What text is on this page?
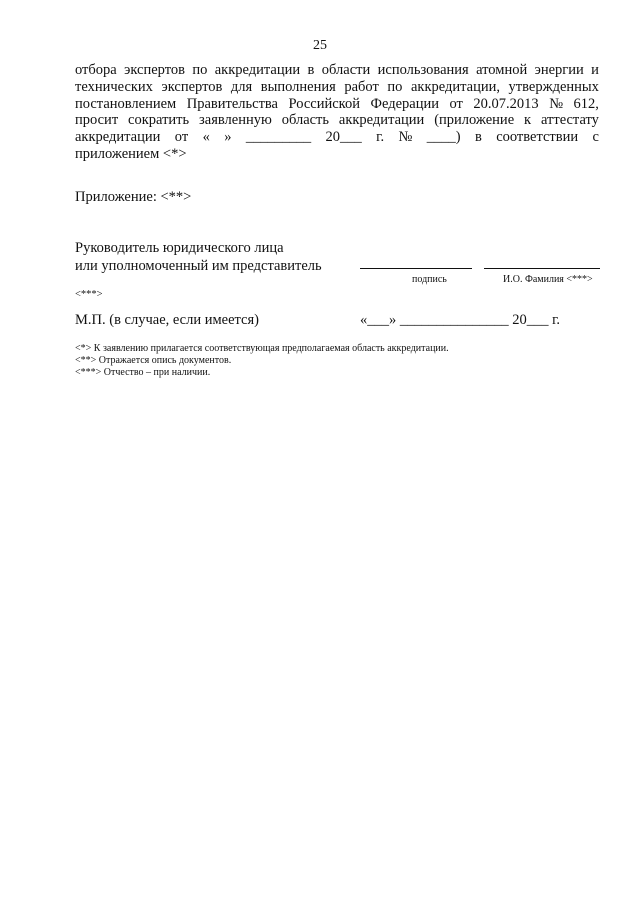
25
отбора экспертов по аккредитации в области использования атомной энергии и
технических экспертов для выполнения работ по аккредитации, утвержденных
постановлением Правительства Российской Федерации от 20.07.2013 № 612,
просит сократить заявленную область аккредитации (приложение к аттестату
аккредитации от « » _________ 20___ г. № ____) в соответствии с
приложением <*>
Приложение: <**>
Руководитель юридического лица
или уполномоченный им представитель
подпись	И.О. Фамилия <***>
<***>
М.П. (в случае, если имеется)	«___» _______________ 20___ г.
<*> К заявлению прилагается соответствующая предполагаемая область аккредитации.
<**> Отражается опись документов.
<***> Отчество – при наличии.
